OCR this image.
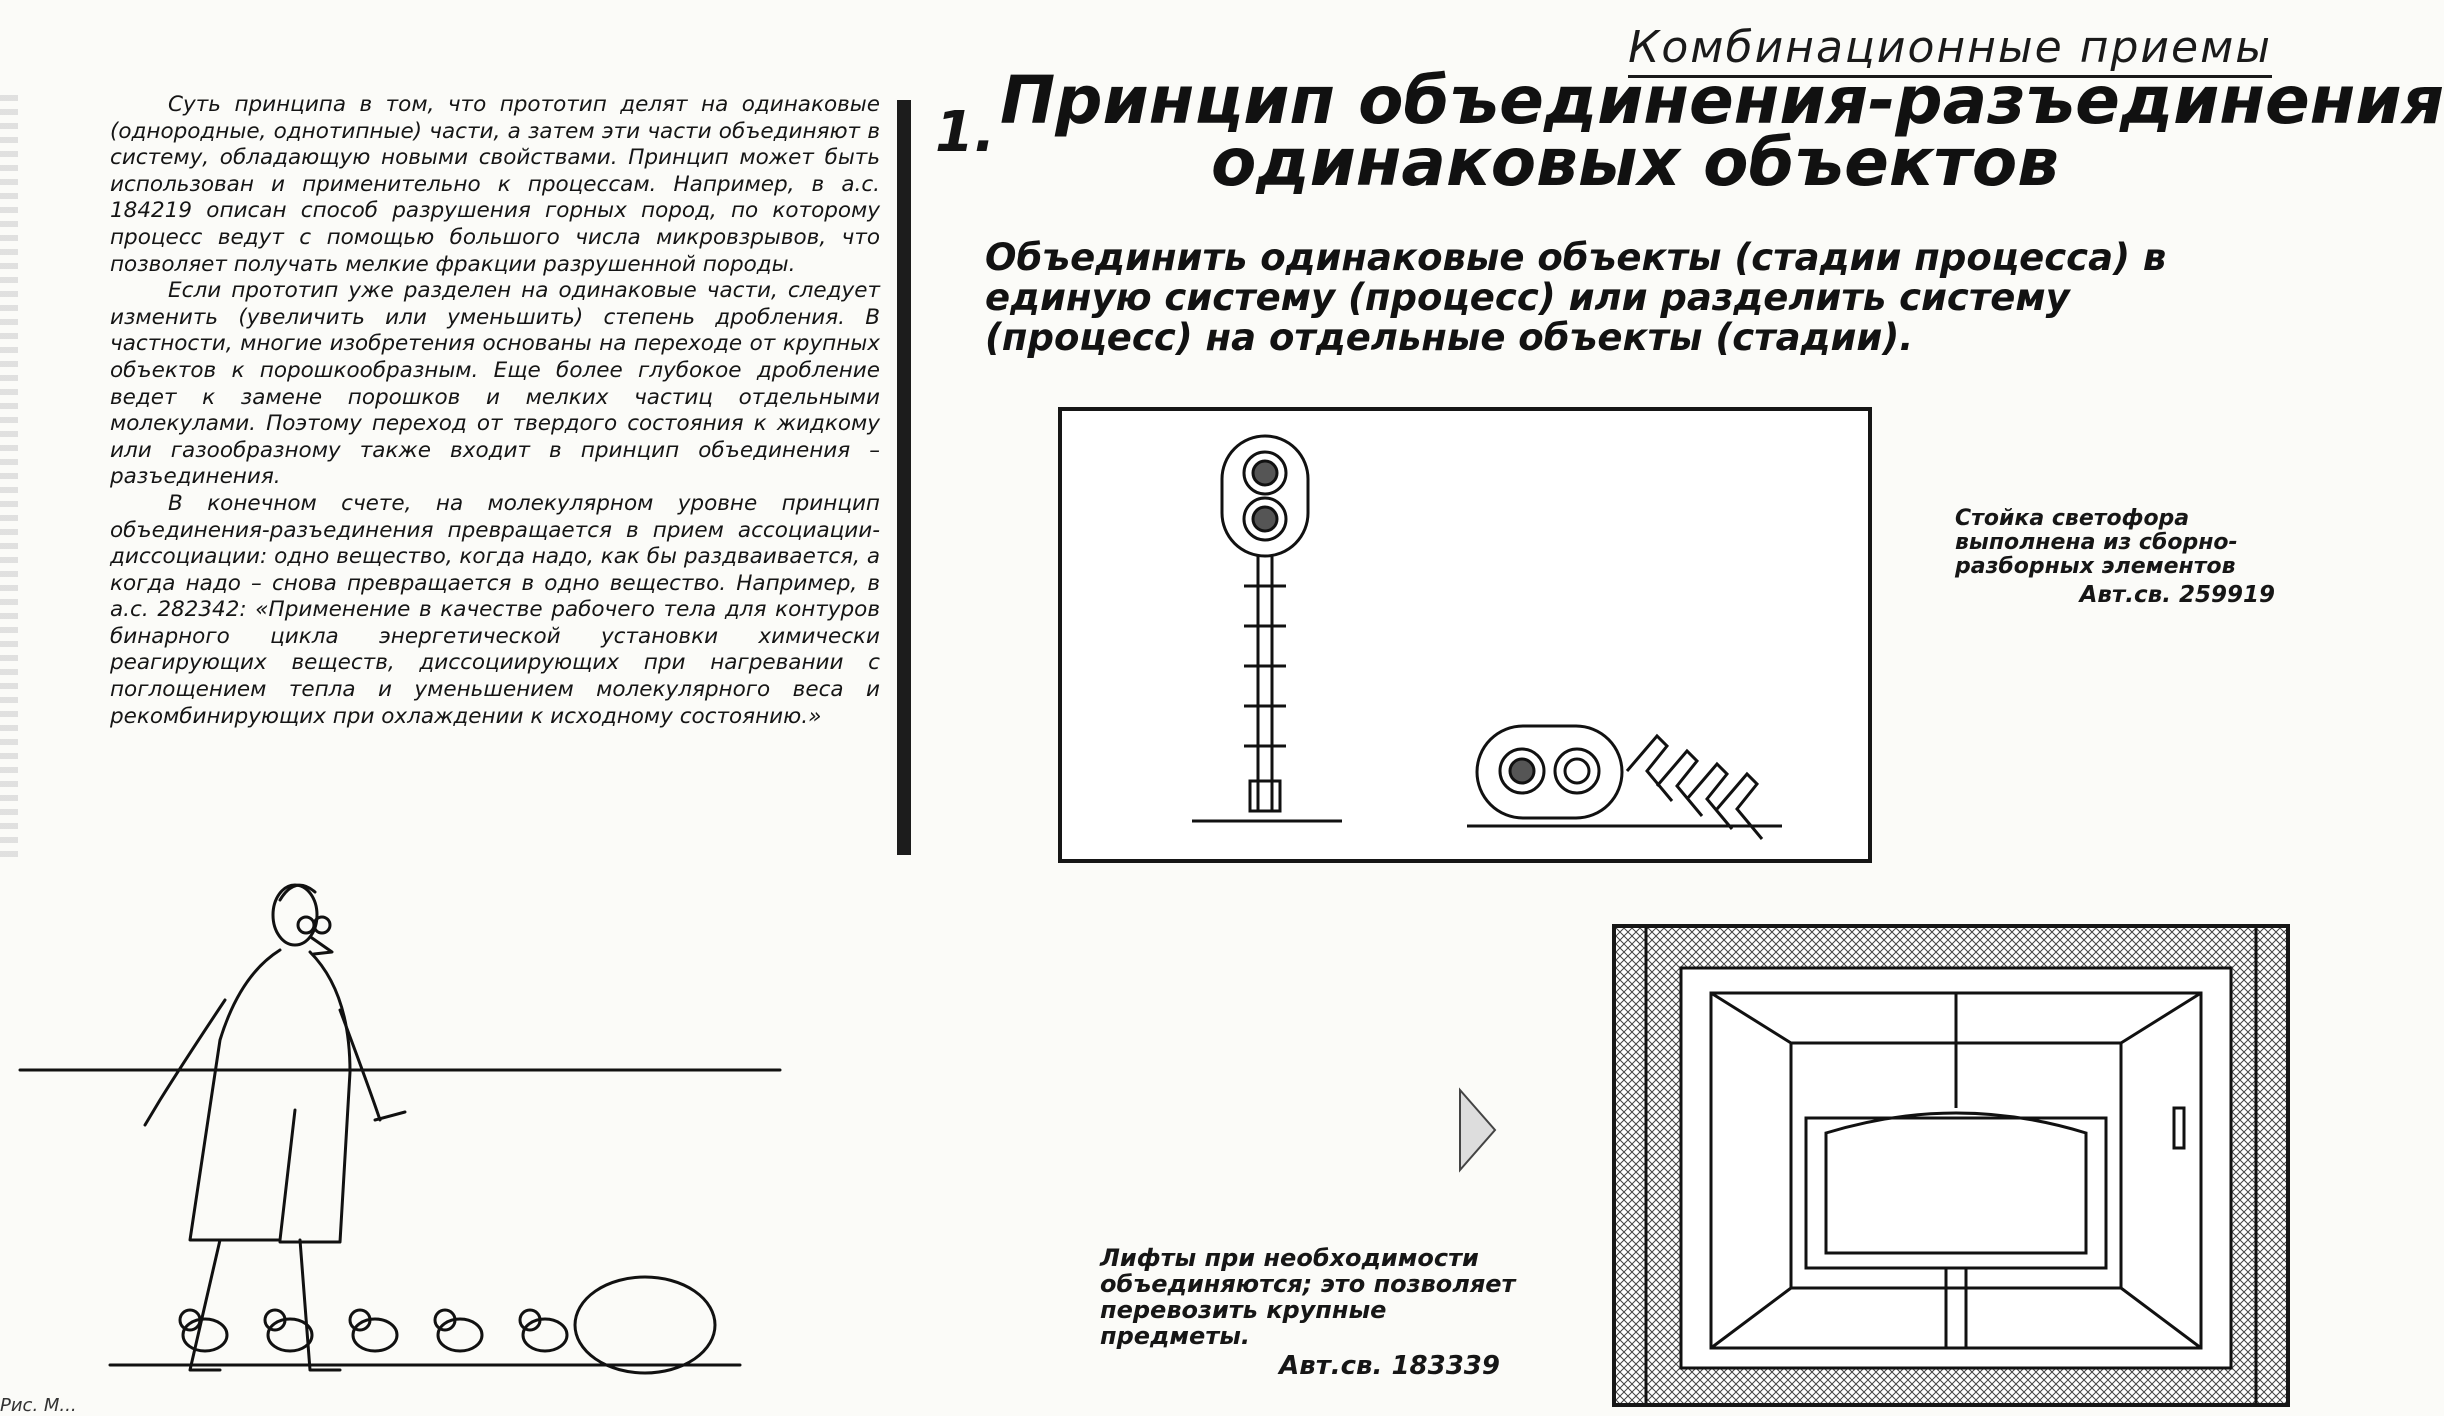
Комбинационные приемы

Суть принципа в том, что прототип делят на одинаковые (однородные, однотипные) части, а затем эти части объединяют в систему, обладающую новыми свойствами. Принцип может быть использован и применительно к процессам. Например, в а.с. 184219 описан способ разрушения горных пород, по которому процесс ведут с помощью большого числа микровзрывов, что позволяет получать мелкие фракции разрушенной породы.

Если прототип уже разделен на одинаковые части, следует изменить (увеличить или уменьшить) степень дробления. В частности, многие изобретения основаны на переходе от крупных объектов к порошкообразным. Еще более глубокое дробление ведет к замене порошков и мелких частиц отдельными молекулами. Поэтому переход от твердого состояния к жидкому или газообразному также входит в принцип объединения – разъединения.

В конечном счете, на молекулярном уровне принцип объединения-разъединения превращается в прием ассоциации-диссоциации: одно вещество, когда надо, как бы раздваивается, а когда надо – снова превращается в одно вещество. Например, в а.с. 282342: «Применение в качестве рабочего тела для контуров бинарного цикла энергетической установки химически реагирующих веществ, диссоциирующих при нагревании с поглощением тепла и уменьшением молекулярного веса и рекомбинирующих при охлаждении к исходному состоянию.»

1. Принцип объединения-разъединения
одинаковых объектов
Объединить одинаковые объекты (стадии процесса) в единую систему (процесс) или разделить систему (процесс) на отдельные объекты (стадии).
Стойка светофора выполнена из сборно-разборных элементов
Авт.св. 259919
Лифты при необходимости объединяются; это позволяет перевозить крупные предметы.
Авт.св. 183339
Рис. М...
